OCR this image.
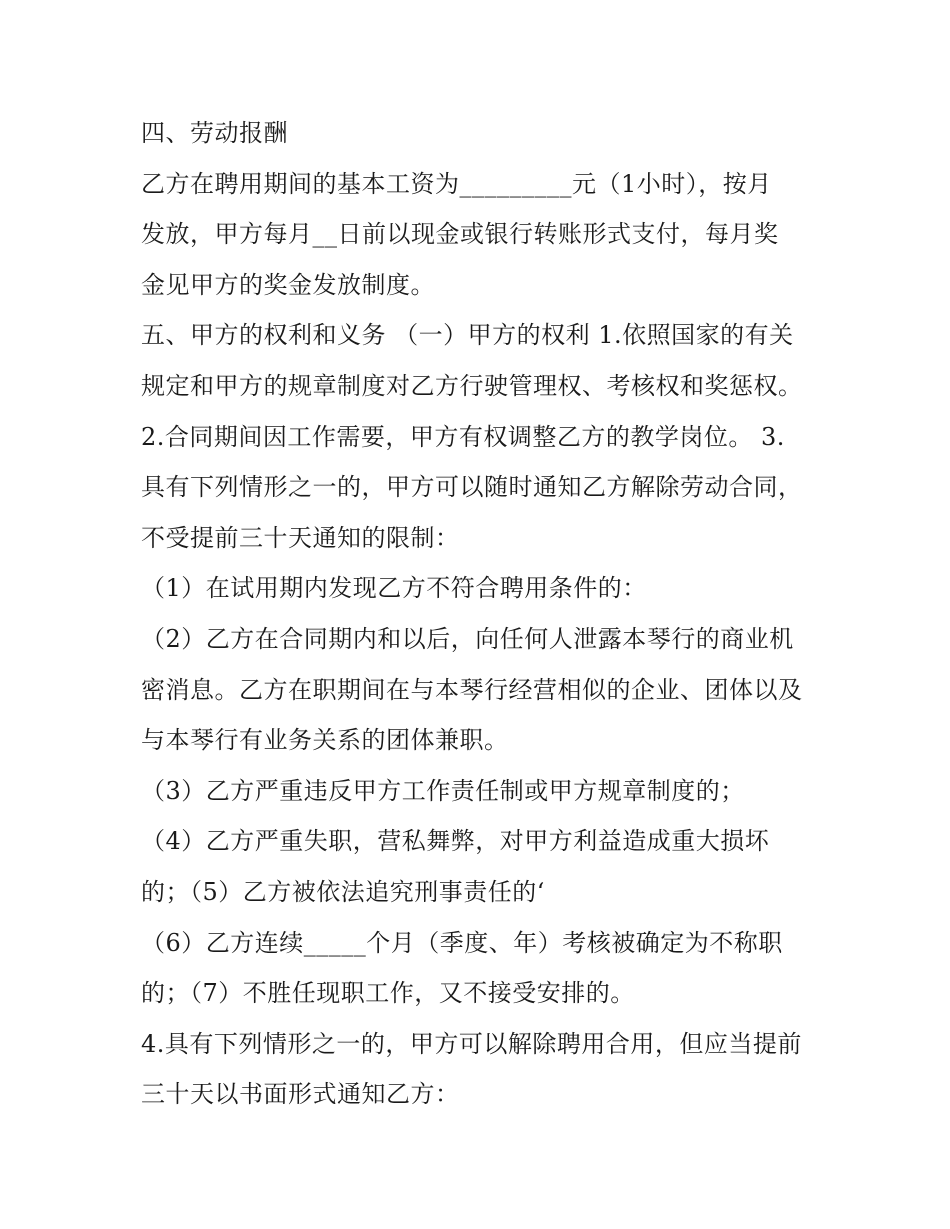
四、劳动报酬
乙方在聘用期间的基本工资为_________元（1小时），按月
发放，甲方每月__日前以现金或银行转账形式支付，每月奖
金见甲方的奖金发放制度。
五、甲方的权利和义务 （一）甲方的权利 1.依照国家的有关
规定和甲方的规章制度对乙方行驶管理权、考核权和奖惩权。
2.合同期间因工作需要，甲方有权调整乙方的教学岗位。 3.
具有下列情形之一的，甲方可以随时通知乙方解除劳动合同，
不受提前三十天通知的限制：
（1）在试用期内发现乙方不符合聘用条件的：
（2）乙方在合同期内和以后，向任何人泄露本琴行的商业机
密消息。乙方在职期间在与本琴行经营相似的企业、团体以及
与本琴行有业务关系的团体兼职。
（3）乙方严重违反甲方工作责任制或甲方规章制度的；
（4）乙方严重失职，营私舞弊，对甲方利益造成重大损坏
的；（5）乙方被依法追究刑事责任的‘
（6）乙方连续_____个月（季度、年）考核被确定为不称职
的；（7）不胜任现职工作，又不接受安排的。
4.具有下列情形之一的，甲方可以解除聘用合用，但应当提前
三十天以书面形式通知乙方：
